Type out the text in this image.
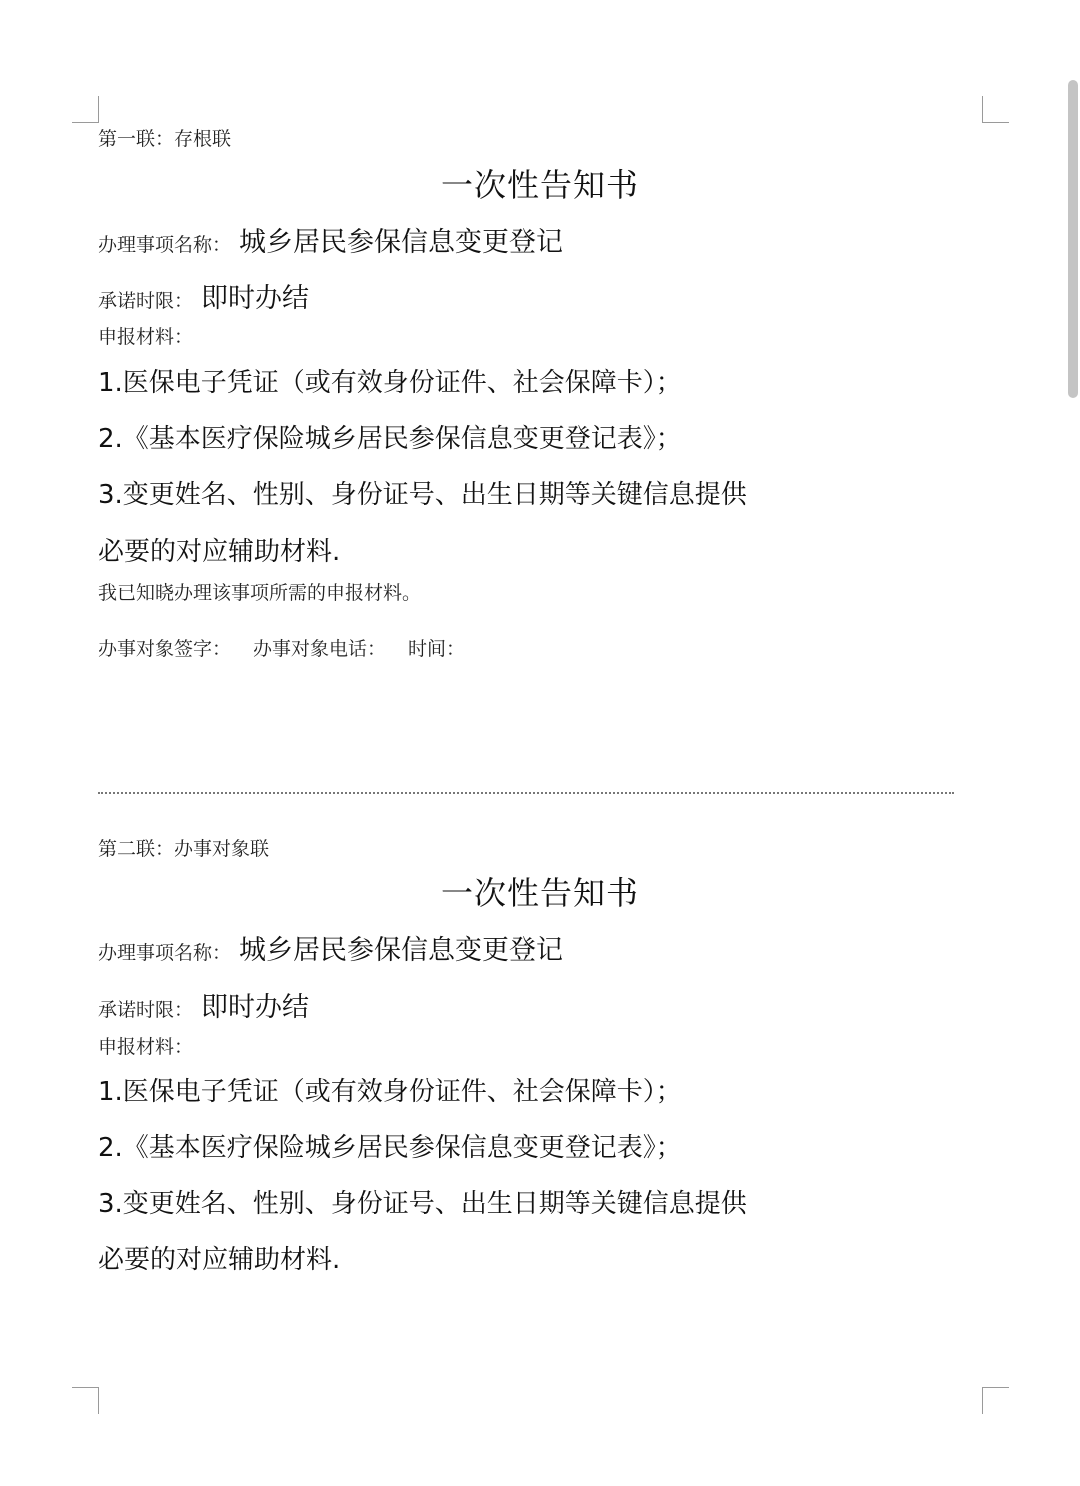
第一联：存根联
一次性告知书
办理事项名称： 城乡居民参保信息变更登记
承诺时限： 即时办结
申报材料：
1.医保电子凭证（或有效身份证件、社会保障卡）；
2.《基本医疗保险城乡居民参保信息变更登记表》；
3.变更姓名、性别、身份证号、出生日期等关键信息提供
必要的对应辅助材料.
我已知晓办理该事项所需的申报材料。
办事对象签字： 办事对象电话： 时间：
第二联：办事对象联
一次性告知书
办理事项名称： 城乡居民参保信息变更登记
承诺时限： 即时办结
申报材料：
1.医保电子凭证（或有效身份证件、社会保障卡）；
2.《基本医疗保险城乡居民参保信息变更登记表》；
3.变更姓名、性别、身份证号、出生日期等关键信息提供
必要的对应辅助材料.
